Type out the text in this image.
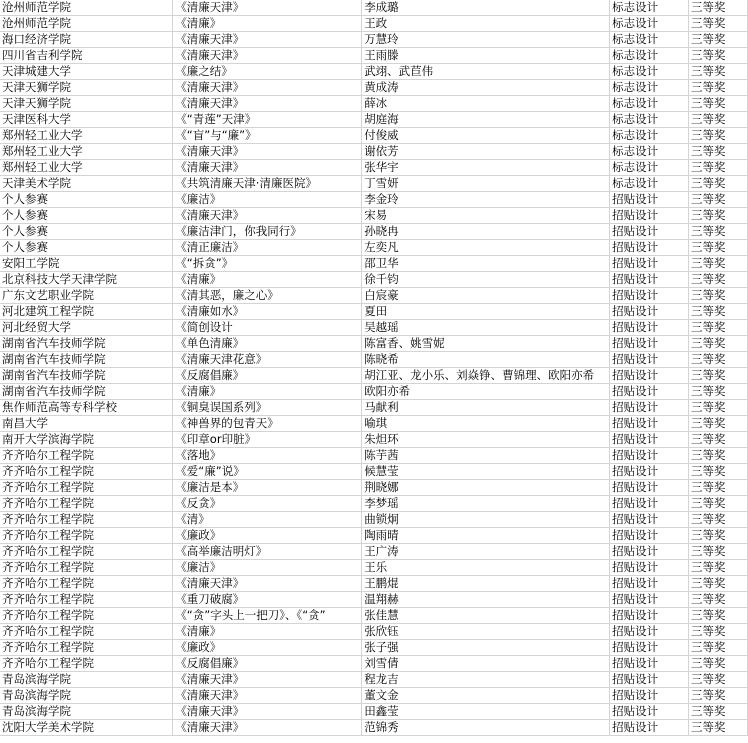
沧州师范学院	《清廉天津》	李成璐	标志设计	三等奖
沧州师范学院	《清廉》	王政	标志设计	三等奖
海口经济学院	《清廉天津》	万慧玲	标志设计	三等奖
四川省吉利学院	《清廉天津》	王雨滕	标志设计	三等奖
天津城建大学	《廉之结》	武翊、武苣伟	标志设计	三等奖
天津天狮学院	《清廉天津》	黄成涛	标志设计	三等奖
天津天狮学院	《清廉天津》	薛冰	标志设计	三等奖
天津医科大学	《“青莲”天津》	胡庭海	标志设计	三等奖
郑州轻工业大学	《“盲”与“廉”》	付俊威	标志设计	三等奖
郑州轻工业大学	《清廉天津》	谢依芳	标志设计	三等奖
郑州轻工业大学	《清廉天津》	张华宇	标志设计	三等奖
天津美术学院	《共筑清廉天津·清廉医院》	丁雪妍	标志设计	三等奖
个人参赛	《廉洁》	李金玲	招贴设计	三等奖
个人参赛	《清廉天津》	宋易	招贴设计	三等奖
个人参赛	《廉洁津门，你我同行》	孙晓冉	招贴设计	三等奖
个人参赛	《清正廉洁》	左奕凡	招贴设计	三等奖
安阳工学院	《“拆贪”》	邵卫华	招贴设计	三等奖
北京科技大学天津学院	《清廉》	徐千钧	招贴设计	三等奖
广东文艺职业学院	《清其恶，廉之心》	白宸豪	招贴设计	三等奖
河北建筑工程学院	《清廉如水》	夏田	招贴设计	三等奖
河北经贸大学	《简创设计	吴越瑶	招贴设计	三等奖
湖南省汽车技师学院	《单色清廉》	陈富香、姚雪妮	招贴设计	三等奖
湖南省汽车技师学院	《清廉天津花意》	陈晓希	招贴设计	三等奖
湖南省汽车技师学院	《反腐倡廉》	胡江亚、龙小乐、刘焱铮、曹锦理、欧阳亦希	招贴设计	三等奖
湖南省汽车技师学院	《清廉》	欧阳亦希	招贴设计	三等奖
焦作师范高等专科学校	《铜臭误国系列》	马献利	招贴设计	三等奖
南昌大学	《神兽界的包青天》	喻琪	招贴设计	三等奖
南开大学滨海学院	《印章or印脏》	朱炟环	招贴设计	三等奖
齐齐哈尔工程学院	《落地》	陈芋茜	招贴设计	三等奖
齐齐哈尔工程学院	《爱“廉”说》	候慧莹	招贴设计	三等奖
齐齐哈尔工程学院	《廉洁是本》	荆晓娜	招贴设计	三等奖
齐齐哈尔工程学院	《反贪》	李梦瑶	招贴设计	三等奖
齐齐哈尔工程学院	《清》	曲锁炯	招贴设计	三等奖
齐齐哈尔工程学院	《廉政》	陶雨晴	招贴设计	三等奖
齐齐哈尔工程学院	《高举廉洁明灯》	王广涛	招贴设计	三等奖
齐齐哈尔工程学院	《廉洁》	王乐	招贴设计	三等奖
齐齐哈尔工程学院	《清廉天津》	王鹏焜	招贴设计	三等奖
齐齐哈尔工程学院	《重刀破腐》	温翔赫	招贴设计	三等奖
齐齐哈尔工程学院	《“贪”字头上一把刀》、《“贪”	张佳慧	招贴设计	三等奖
齐齐哈尔工程学院	《清廉》	张欣钰	招贴设计	三等奖
齐齐哈尔工程学院	《廉政》	张子强	招贴设计	三等奖
齐齐哈尔工程学院	《反腐倡廉》	刘雪倩	招贴设计	三等奖
青岛滨海学院	《清廉天津》	程龙吉	招贴设计	三等奖
青岛滨海学院	《清廉天津》	董文金	招贴设计	三等奖
青岛滨海学院	《清廉天津》	田鑫莹	招贴设计	三等奖
沈阳大学美术学院	《清廉天津》	范锦秀	招贴设计	三等奖
